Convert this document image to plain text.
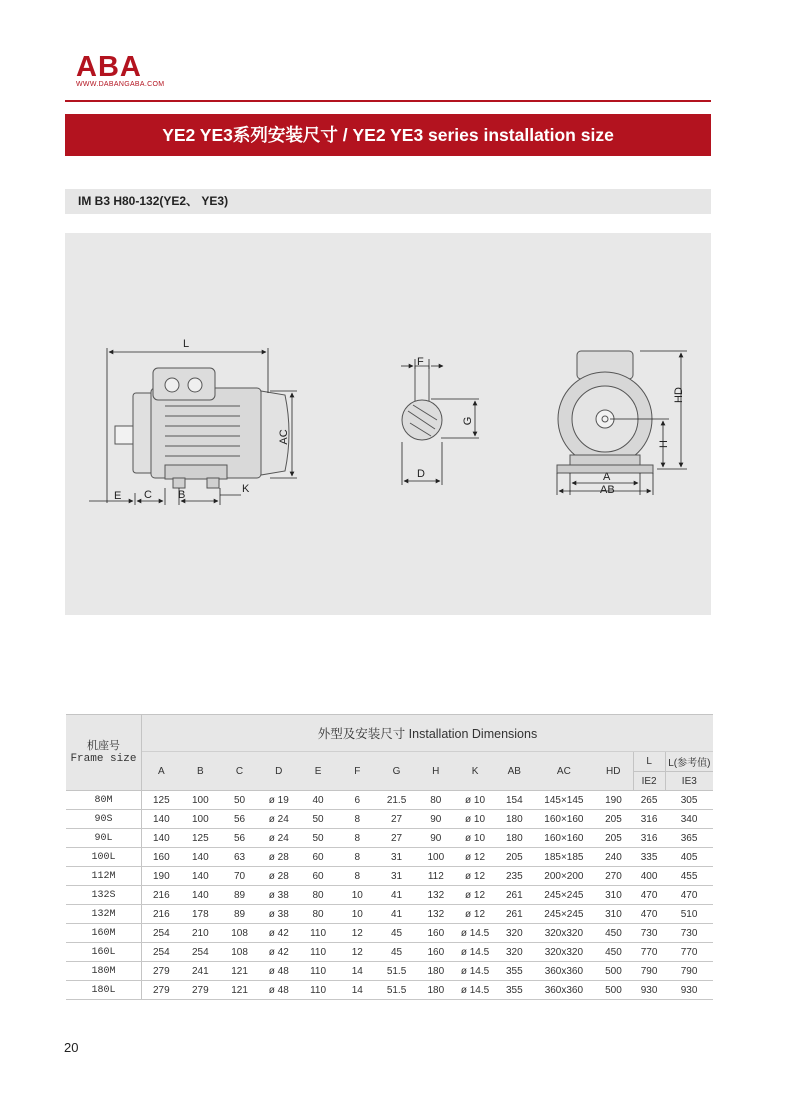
ABA
WWW.DABANGABA.COM
YE2 YE3系列安装尺寸 / YE2 YE3 series installation size
IM B3 H80-132(YE2、 YE3)
L
AC
E C B	K
F
G
D
HD
H
A
AB
机座号
Frame size	外型及安装尺寸 Installation Dimensions													
	A	B	C	D	E	F	G	H	K	AB	AC	HD	L	L(参考值)
													IE2	IE3
80M	125	100	50	ø 19	40	6	21.5	80	ø 10	154	145×145	190	265	305
90S	140	100	56	ø 24	50	8	27	90	ø 10	180	160×160	205	316	340
90L	140	125	56	ø 24	50	8	27	90	ø 10	180	160×160	205	316	365
100L	160	140	63	ø 28	60	8	31	100	ø 12	205	185×185	240	335	405
112M	190	140	70	ø 28	60	8	31	112	ø 12	235	200×200	270	400	455
132S	216	140	89	ø 38	80	10	41	132	ø 12	261	245×245	310	470	470
132M	216	178	89	ø 38	80	10	41	132	ø 12	261	245×245	310	470	510
160M	254	210	108	ø 42	110	12	45	160	ø 14.5	320	320x320	450	730	730
160L	254	254	108	ø 42	110	12	45	160	ø 14.5	320	320x320	450	770	770
180M	279	241	121	ø 48	110	14	51.5	180	ø 14.5	355	360x360	500	790	790
180L	279	279	121	ø 48	110	14	51.5	180	ø 14.5	355	360x360	500	930	930
20
